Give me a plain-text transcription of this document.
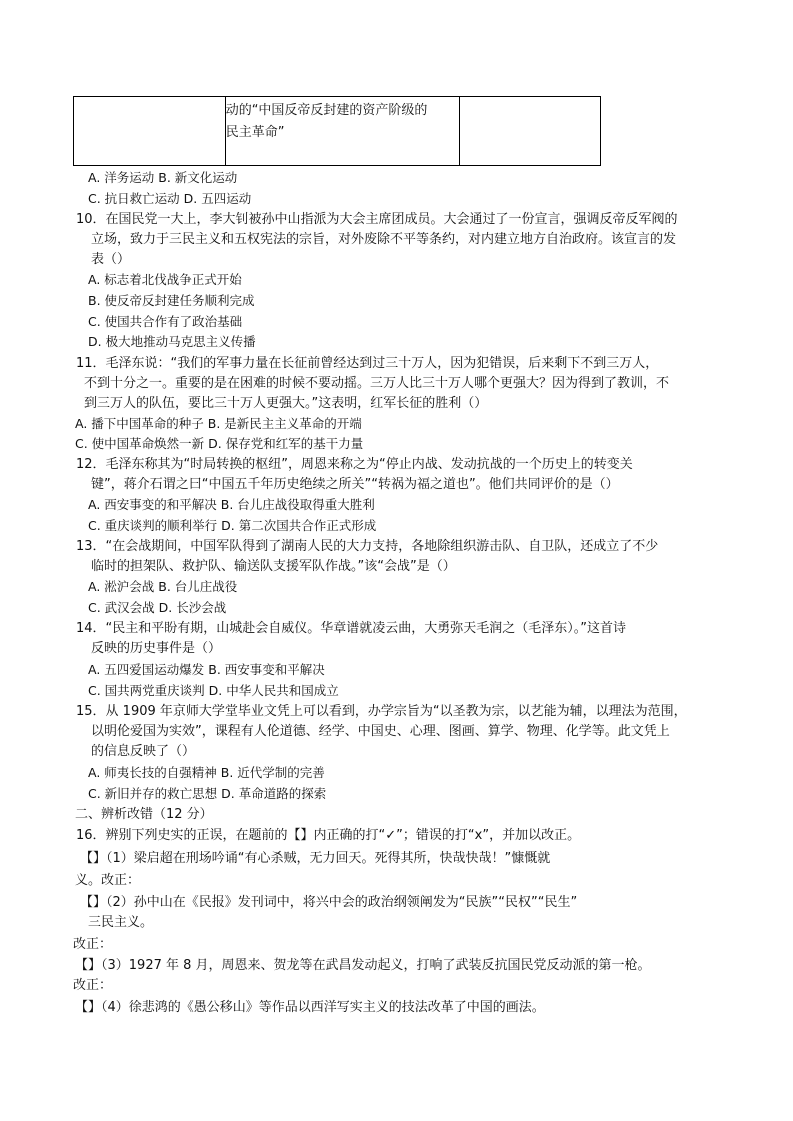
动的“中国反帝反封建的资产阶级的
民主革命”

A. 洋务运动 B. 新文化运动
C. 抗日救亡运动 D. 五四运动
10．在国民党一大上，李大钊被孙中山指派为大会主席团成员。大会通过了一份宣言，强调反帝反军阀的
立场，致力于三民主义和五权宪法的宗旨，对外废除不平等条约，对内建立地方自治政府。该宣言的发
表（）
A. 标志着北伐战争正式开始
B. 使反帝反封建任务顺利完成
C. 使国共合作有了政治基础
D. 极大地推动马克思主义传播
11．毛泽东说：“我们的军事力量在长征前曾经达到过三十万人，因为犯错误，后来剩下不到三万人，
不到十分之一。重要的是在困难的时候不要动摇。三万人比三十万人哪个更强大？因为得到了教训，不
到三万人的队伍，要比三十万人更强大。”这表明，红军长征的胜利（）
A. 播下中国革命的种子 B. 是新民主主义革命的开端
C. 使中国革命焕然一新 D. 保存党和红军的基干力量
12．毛泽东称其为“时局转换的枢纽”，周恩来称之为“停止内战、发动抗战的一个历史上的转变关
键”，蒋介石谓之曰“中国五千年历史绝续之所关”“转祸为福之道也”。他们共同评价的是（）
A. 西安事变的和平解决 B. 台儿庄战役取得重大胜利
C. 重庆谈判的顺利举行 D. 第二次国共合作正式形成
13．“在会战期间，中国军队得到了湖南人民的大力支持，各地除组织游击队、自卫队，还成立了不少
临时的担架队、救护队、输送队支援军队作战。”该“会战”是（）
A. 淞沪会战 B. 台儿庄战役
C. 武汉会战 D. 长沙会战
14．“民主和平盼有期，山城赴会自威仪。华章谱就凌云曲，大勇弥天毛润之（毛泽东）。”这首诗
反映的历史事件是（）
A. 五四爱国运动爆发 B. 西安事变和平解决
C. 国共两党重庆谈判 D. 中华人民共和国成立
15．从 1909 年京师大学堂毕业文凭上可以看到，办学宗旨为“以圣教为宗，以艺能为辅，以理法为范围，
以明伦爱国为实效”，课程有人伦道德、经学、中国史、心理、图画、算学、物理、化学等。此文凭上
的信息反映了（）
A. 师夷长技的自强精神 B. 近代学制的完善
C. 新旧并存的救亡思想 D. 革命道路的探索
二、辨析改错（12 分）
16．辨别下列史实的正误，在题前的【】内正确的打“✓”；错误的打“x”，并加以改正。
【】（1）梁启超在刑场吟诵“有心杀贼，无力回天。死得其所，快哉快哉！”慷慨就
义。改正：
【】（2）孙中山在《民报》发刊词中，将兴中会的政治纲领阐发为“民族”“民权”“民生”
三民主义。
改正：
【】（3）1927 年 8 月，周恩来、贺龙等在武昌发动起义，打响了武装反抗国民党反动派的第一枪。
改正：
【】（4）徐悲鸿的《愚公移山》等作品以西洋写实主义的技法改革了中国的画法。
